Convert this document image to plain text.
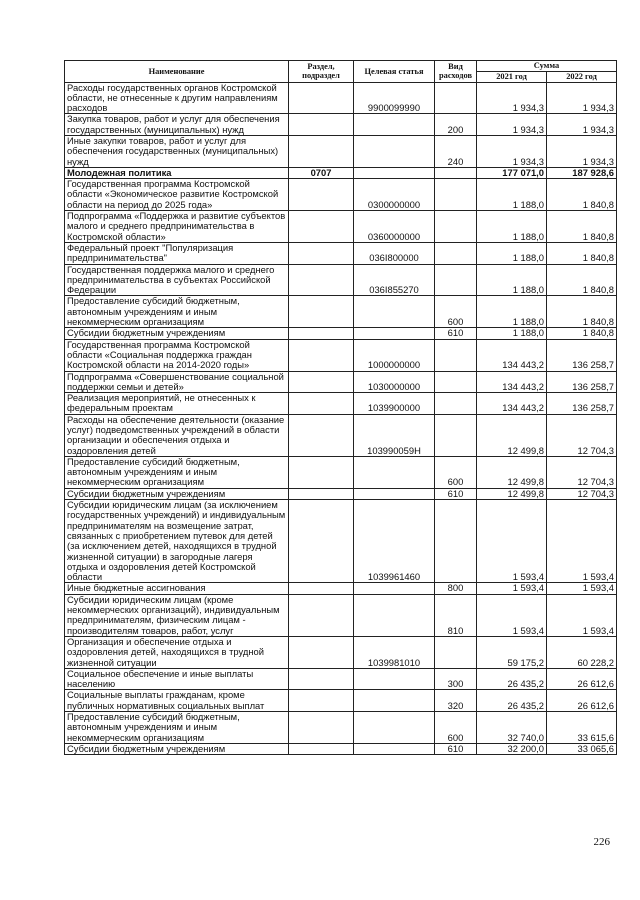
Наименование	Раздел, подраздел	Целевая статья	Вид расходов	Сумма	
				2021 год	2022 год
Расходы государственных органов Костромской области, не отнесенные к другим направлениям расходов		9900099990		1 934,3	1 934,3
Закупка товаров, работ и услуг для обеспечения государственных (муниципальных) нужд			200	1 934,3	1 934,3
Иные закупки товаров, работ и услуг для обеспечения государственных (муниципальных) нужд			240	1 934,3	1 934,3
Молодежная политика	0707			177 071,0	187 928,6
Государственная программа Костромской области «Экономическое развитие Костромской области на период до 2025 года»		0300000000		1 188,0	1 840,8
Подпрограмма «Поддержка и развитие субъектов малого и среднего предпринимательства в Костромской области»		0360000000		1 188,0	1 840,8
Федеральный проект "Популяризация предпринимательства"		036I800000		1 188,0	1 840,8
Государственная поддержка малого и среднего предпринимательства в субъектах Российской Федерации		036I855270		1 188,0	1 840,8
Предоставление субсидий бюджетным, автономным учреждениям и иным некоммерческим организациям			600	1 188,0	1 840,8
Субсидии бюджетным учреждениям			610	1 188,0	1 840,8
Государственная программа Костромской области «Социальная поддержка граждан Костромской области на 2014-2020 годы»		1000000000		134 443,2	136 258,7
Подпрограмма «Совершенствование социальной поддержки семьи и детей»		1030000000		134 443,2	136 258,7
Реализация мероприятий, не отнесенных к федеральным проектам		1039900000		134 443,2	136 258,7
Расходы на обеспечение деятельности (оказание услуг) подведомственных учреждений в области организации и обеспечения отдыха и оздоровления детей		103990059Н		12 499,8	12 704,3
Предоставление субсидий бюджетным, автономным учреждениям и иным некоммерческим организациям			600	12 499,8	12 704,3
Субсидии бюджетным учреждениям			610	12 499,8	12 704,3
Субсидии юридическим лицам (за исключением государственных учреждений) и индивидуальным предпринимателям на возмещение затрат, связанных с приобретением путевок для детей (за исключением детей, находящихся в трудной жизненной ситуации) в загородные лагеря отдыха и оздоровления детей Костромской области		1039961460		1 593,4	1 593,4
Иные бюджетные ассигнования			800	1 593,4	1 593,4
Субсидии юридическим лицам (кроме некоммерческих организаций), индивидуальным предпринимателям, физическим лицам - производителям товаров, работ, услуг			810	1 593,4	1 593,4
Организация и обеспечение отдыха и оздоровления детей, находящихся в трудной жизненной ситуации		1039981010		59 175,2	60 228,2
Социальное обеспечение и иные выплаты населению			300	26 435,2	26 612,6
Социальные выплаты гражданам, кроме публичных нормативных социальных выплат			320	26 435,2	26 612,6
Предоставление субсидий бюджетным, автономным учреждениям и иным некоммерческим организациям			600	32 740,0	33 615,6
Субсидии бюджетным учреждениям			610	32 200,0	33 065,6
226
